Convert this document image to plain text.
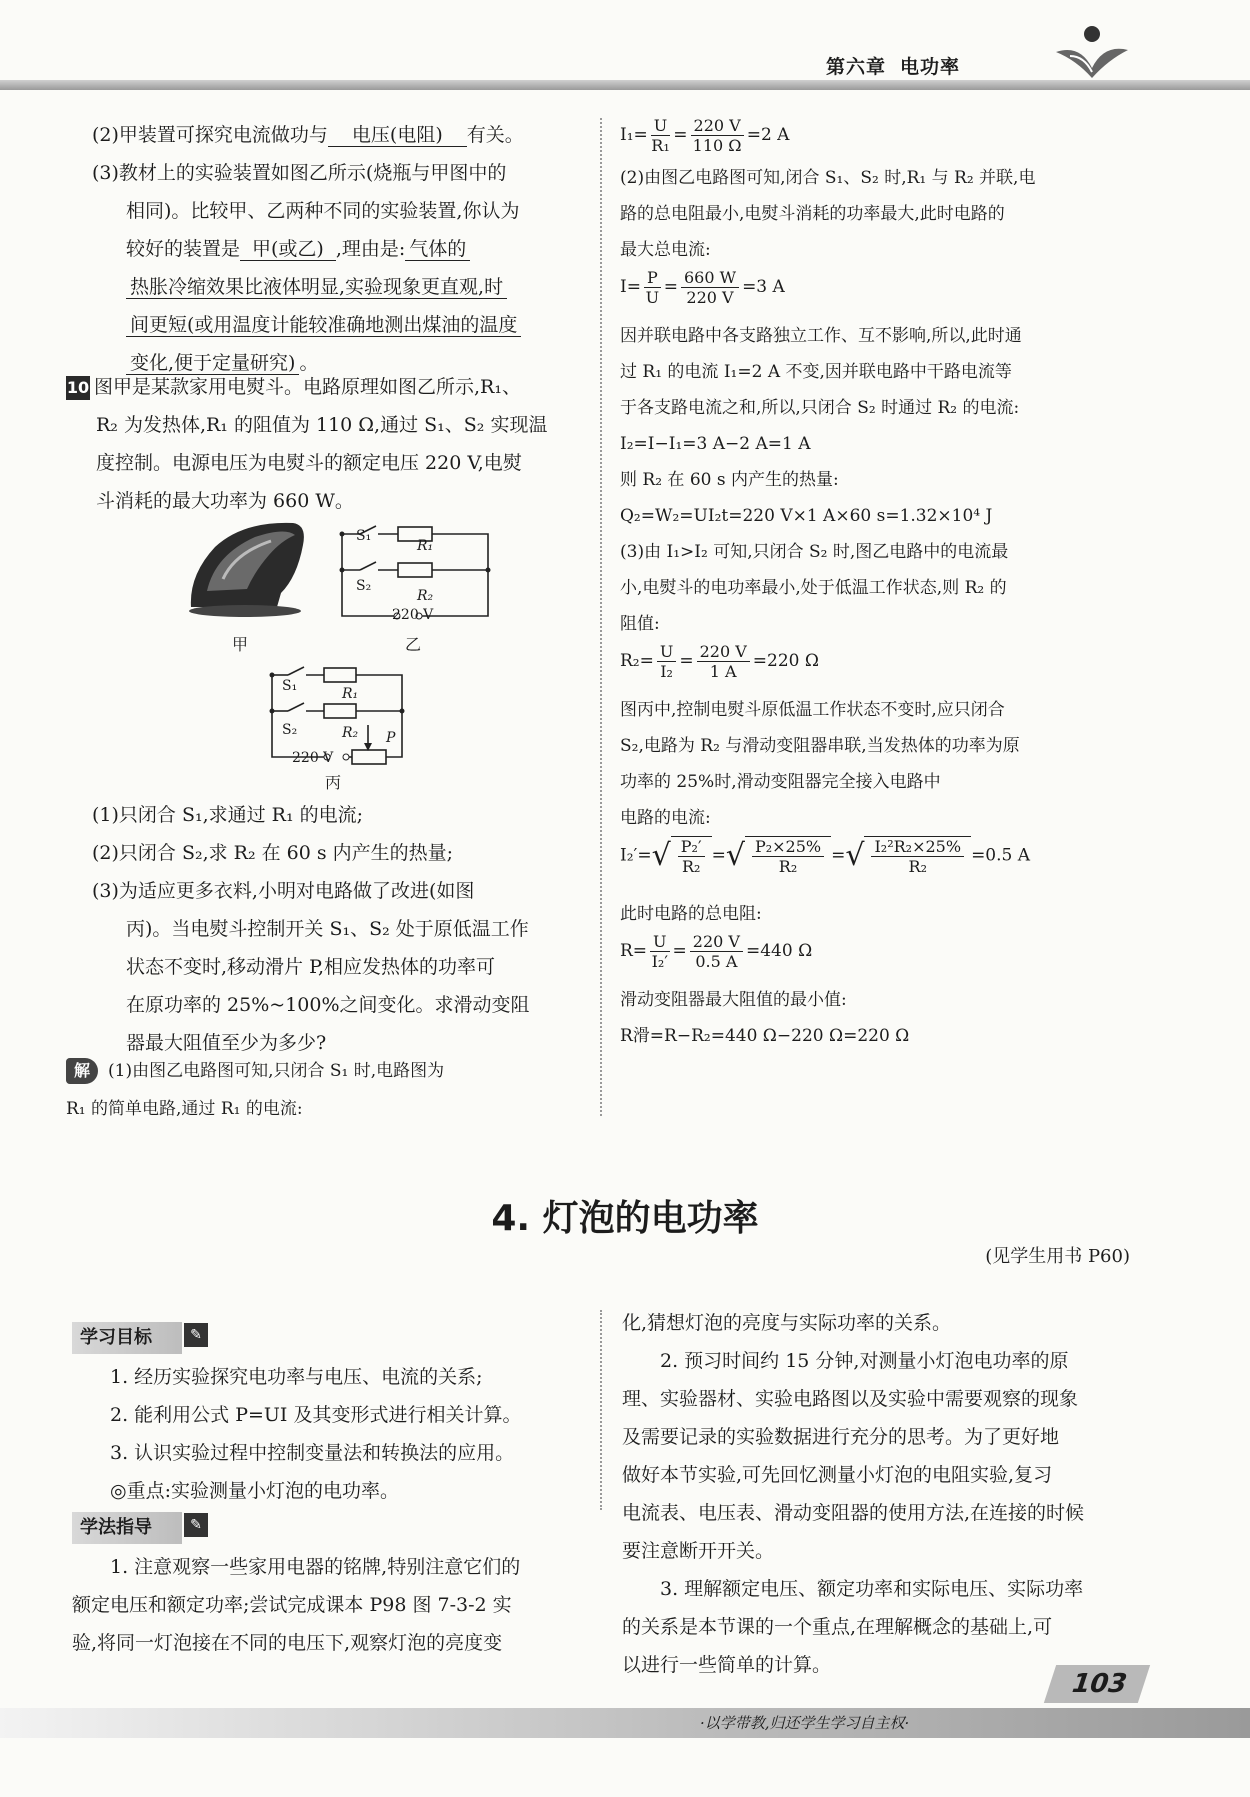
第六章 电功率

(2)甲装置可探究电流做功与 电压(电阻) 有关。

(3)教材上的实验装置如图乙所示(烧瓶与甲图中的

相同)。比较甲、乙两种不同的实验装置,你认为

较好的装置是 甲(或乙) ,理由是: 气体的

热胀冷缩效果比液体明显,实验现象更直观,时

间更短(或用温度计能较准确地测出煤油的温度

变化,便于定量研究) 。

10 图甲是某款家用电熨斗。电路原理如图乙所示,R₁、

R₂ 为发热体,R₁ 的阻值为 110 Ω,通过 S₁、S₂ 实现温

度控制。电源电压为电熨斗的额定电压 220 V,电熨

斗消耗的最大功率为 660 W。

甲
S₁
R₁
S₂
R₂
220 V
乙
S₁	R₁
S₂	R₂ P
220 V
丙

(1)只闭合 S₁,求通过 R₁ 的电流;

(2)只闭合 S₂,求 R₂ 在 60 s 内产生的热量;

(3)为适应更多衣料,小明对电路做了改进(如图

丙)。当电熨斗控制开关 S₁、S₂ 处于原低温工作

状态不变时,移动滑片 P,相应发热体的功率可

在原功率的 25%~100%之间变化。求滑动变阻

器最大阻值至少为多少?

解 (1)由图乙电路图可知,只闭合 S₁ 时,电路图为

R₁ 的简单电路,通过 R₁ 的电流:

$I_1= \frac{U}{\text{R₁}} = \frac{220 V}{110 \Omega} =2$ A

(2)由图乙电路图可知,闭合 S₁、S₂ 时,R₁ 与 R₂ 并联,电

路的总电阻最小,电熨斗消耗的功率最大,此时电路的

最大总电流:

$I= \frac{P}{U} = \frac{660 W}{220 V} =3$ A

因并联电路中各支路独立工作、互不影响,所以,此时通

过 R₁ 的电流 I₁=2 A 不变,因并联电路中干路电流等

于各支路电流之和,所以,只闭合 S₂ 时通过 R₂ 的电流:

I₂=I−I₁=3 A−2 A=1 A

则 R₂ 在 60 s 内产生的热量:

Q₂=W₂=UI₂t=220 V×1 A×60 s=1.32×10⁴ J

(3)由 I₁>I₂ 可知,只闭合 S₂ 时,图乙电路中的电流最

小,电熨斗的电功率最小,处于低温工作状态,则 R₂ 的

阻值:

$R_2= \frac{U}{\text{I₂}} = \frac{220 V}{1 A} =220$ Ω

图丙中,控制电熨斗原低温工作状态不变时,应只闭合

S₂,电路为 R₂ 与滑动变阻器串联,当发热体的功率为原

功率的 25%时,滑动变阻器完全接入电路中

电路的电流:

$I_2'=√ \frac{\text{P₂′}}{\text{R₂}}$ =√ $\frac{\text{P₂×25\%}}{\text{R₂}}$ =√ $\frac{\text{I₂²R₂×25\%}}{\text{R₂}} =0.5$ A

此时电路的总电阻:

$R= \frac{U}{\text{I₂′}} = \frac{220 V}{0.5 A} =440$ Ω

滑动变阻器最大阻值的最小值:

R滑=R−R₂=440 Ω−220 Ω=220 Ω

4. 灯泡的电功率
(见学生用书 P60)
学习目标	✎

1. 经历实验探究电功率与电压、电流的关系;

2. 能利用公式 P=UI 及其变形式进行相关计算。

3. 认识实验过程中控制变量法和转换法的应用。

◎重点:实验测量小灯泡的电功率。

学法指导	✎

1. 注意观察一些家用电器的铭牌,特别注意它们的

额定电压和额定功率;尝试完成课本 P98 图 7-3-2 实

验,将同一灯泡接在不同的电压下,观察灯泡的亮度变

化,猜想灯泡的亮度与实际功率的关系。

2. 预习时间约 15 分钟,对测量小灯泡电功率的原

理、实验器材、实验电路图以及实验中需要观察的现象

及需要记录的实验数据进行充分的思考。为了更好地

做好本节实验,可先回忆测量小灯泡的电阻实验,复习

电流表、电压表、滑动变阻器的使用方法,在连接的时候

要注意断开开关。

3. 理解额定电压、额定功率和实际电压、实际功率

的关系是本节课的一个重点,在理解概念的基础上,可

以进行一些简单的计算。

·以学带教,归还学生学习自主权·
103
